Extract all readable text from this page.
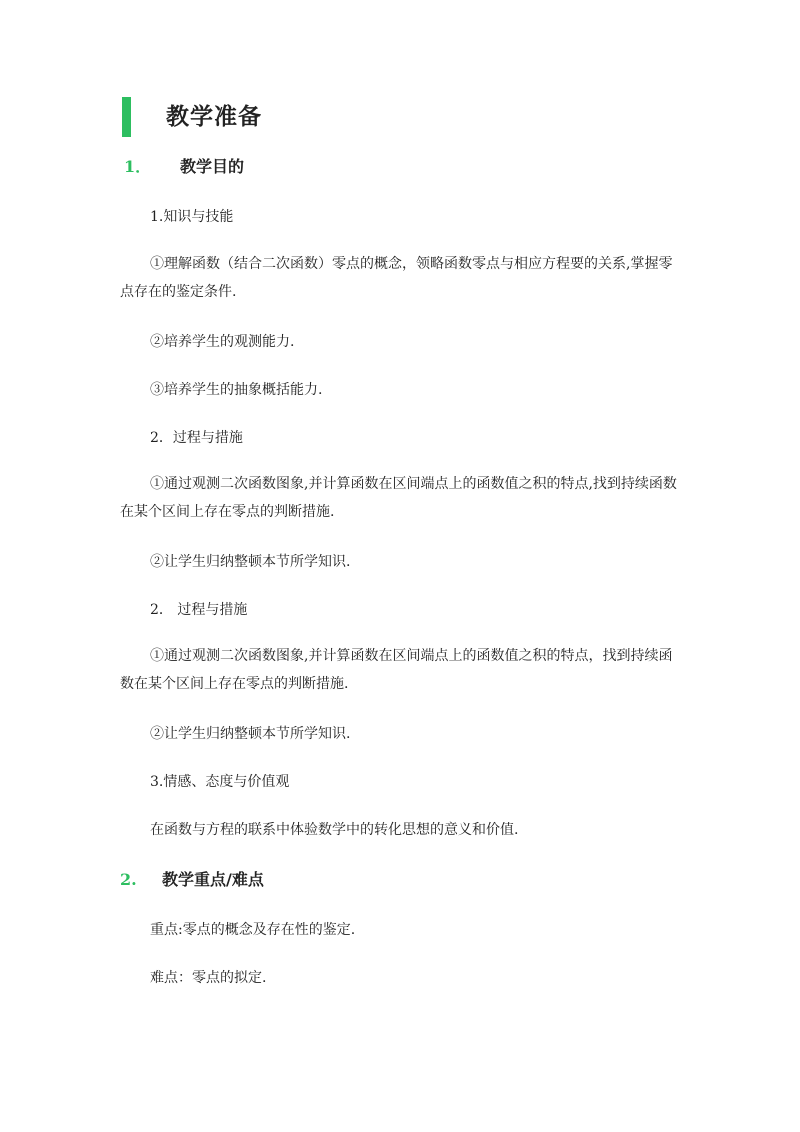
教学准备
1． 教学目的
1.知识与技能
①理解函数（结合二次函数）零点的概念，领略函数零点与相应方程要的关系,掌握零点存在的鉴定条件.
②培养学生的观测能力.
③培养学生的抽象概括能力.
2．过程与措施
①通过观测二次函数图象,并计算函数在区间端点上的函数值之积的特点,找到持续函数在某个区间上存在零点的判断措施.
②让学生归纳整顿本节所学知识.
2． 过程与措施
①通过观测二次函数图象,并计算函数在区间端点上的函数值之积的特点，找到持续函数在某个区间上存在零点的判断措施.
②让学生归纳整顿本节所学知识.
3.情感、态度与价值观
在函数与方程的联系中体验数学中的转化思想的意义和价值.
2. 教学重点/难点
重点:零点的概念及存在性的鉴定.
难点：零点的拟定.
